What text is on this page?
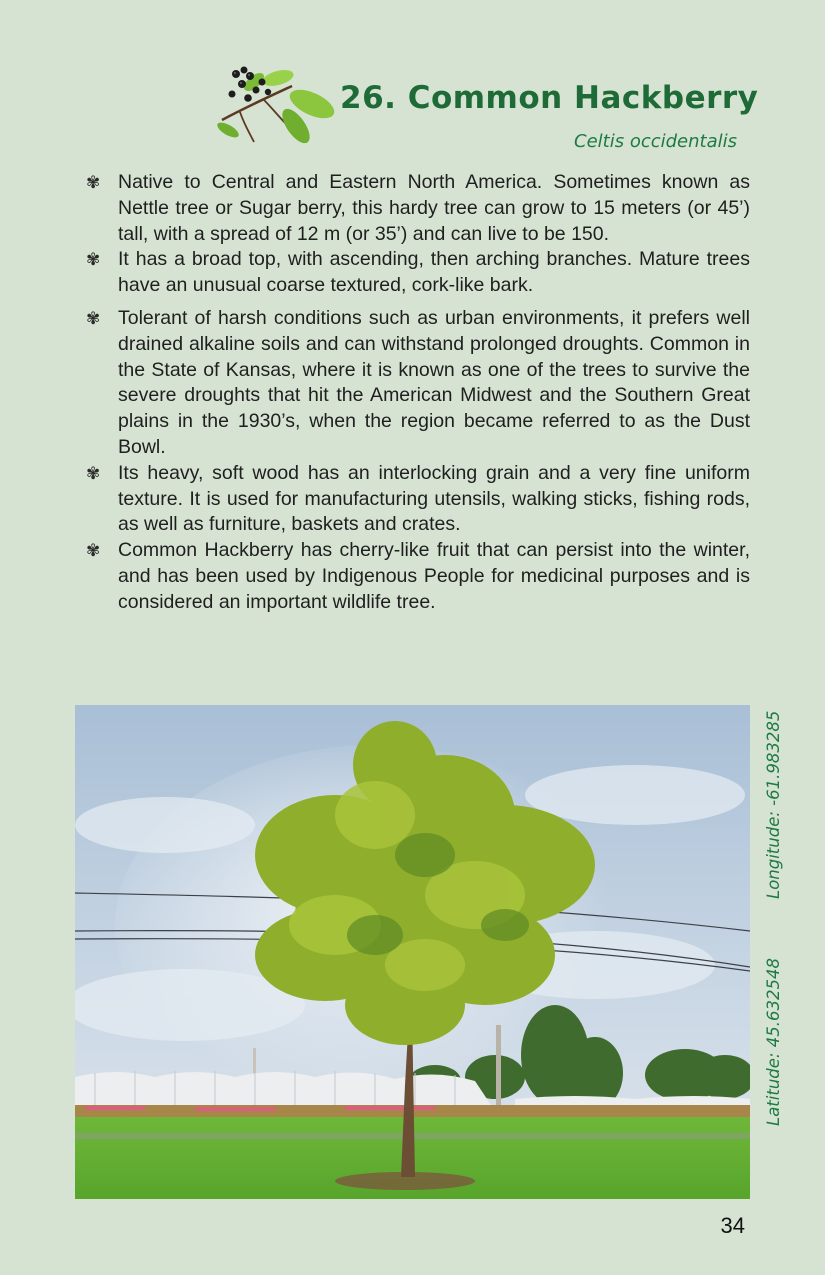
26. Common Hackberry
Celtis occidentalis
✾ Native to Central and Eastern North America. Sometimes known as Nettle tree or Sugar berry, this hardy tree can grow to 15 meters (or 45’) tall, with a spread of 12 m (or 35’) and can live to be 150.
✾ It has a broad top, with ascending, then arching branches. Mature trees have an unusual coarse textured, cork-like bark.
✾ Tolerant of harsh conditions such as urban environments, it prefers well drained alkaline soils and can withstand prolonged droughts. Common in the State of Kansas, where it is known as one of the trees to survive the severe droughts that hit the American Midwest and the Southern Great plains in the 1930’s, when the region became referred to as the Dust Bowl.
✾ Its heavy, soft wood has an interlocking grain and a very fine uniform texture. It is used for manufacturing utensils, walking sticks, fishing rods, as well as furniture, baskets and crates.
✾ Common Hackberry has cherry-like fruit that can persist into the winter, and has been used by Indigenous People for medicinal purposes and is considered an important wildlife tree.
Latitude: 45.632548
Longitude: -61.983285
34
